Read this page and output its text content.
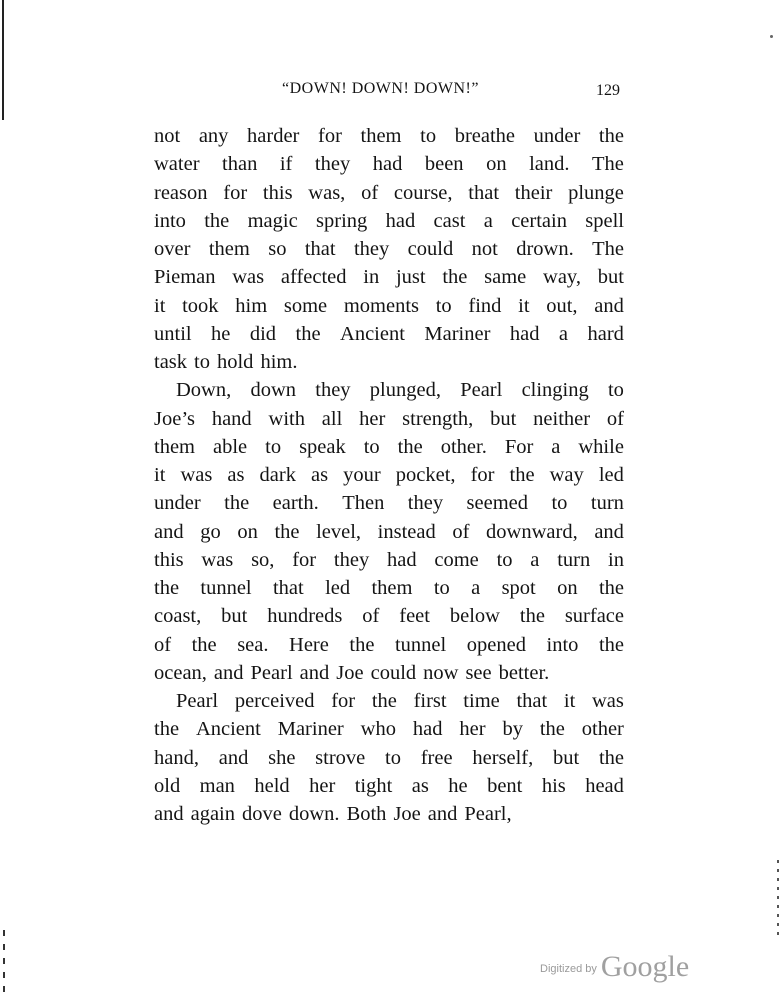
“DOWN! DOWN! DOWN!”	129
not any harder for them to breathe under the
water than if they had been on land. The
reason for this was, of course, that their plunge
into the magic spring had cast a certain spell
over them so that they could not drown. The
Pieman was affected in just the same way, but
it took him some moments to find it out, and
until he did the Ancient Mariner had a hard
task to hold him.
Down, down they plunged, Pearl clinging to
Joe’s hand with all her strength, but neither of
them able to speak to the other. For a while
it was as dark as your pocket, for the way led
under the earth. Then they seemed to turn
and go on the level, instead of downward, and
this was so, for they had come to a turn in
the tunnel that led them to a spot on the
coast, but hundreds of feet below the surface
of the sea. Here the tunnel opened into the
ocean, and Pearl and Joe could now see better.
Pearl perceived for the first time that it was
the Ancient Mariner who had her by the other
hand, and she strove to free herself, but the
old man held her tight as he bent his head
and again dove down. Both Joe and Pearl,
$^{Digitized by}$ Google
